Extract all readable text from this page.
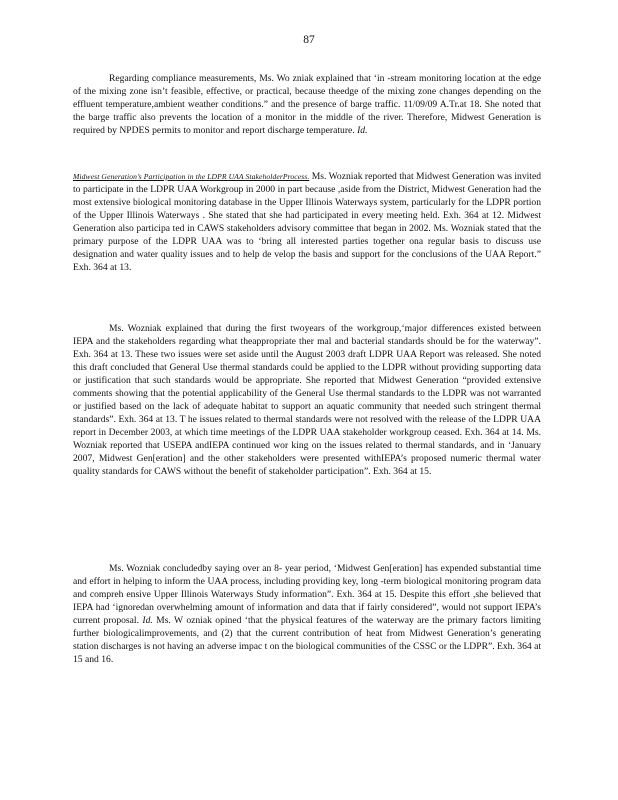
87

Regarding compliance measurements, Ms. Wo zniak explained that ‘in -stream monitoring location at the edge of the mixing zone isn’t feasible, effective, or practical, because theedge of the mixing zone changes depending on the effluent temperature,ambient weather conditions.” and the presence of barge traffic. 11/09/09 A.Tr.at 18. She noted that the barge traffic also prevents the location of a monitor in the middle of the river. Therefore, Midwest Generation is required by NPDES permits to monitor and report discharge temperature. Id.

Midwest Generation’s Participation in the LDPR UAA StakeholderProcess. Ms. Wozniak reported that Midwest Generation was invited to participate in the LDPR UAA Workgroup in 2000 in part because ,aside from the District, Midwest Generation had the most extensive biological monitoring database in the Upper Illinois Waterways system, particularly for the LDPR portion of the Upper Illinois Waterways . She stated that she had participated in every meeting held. Exh. 364 at 12. Midwest Generation also participa ted in CAWS stakeholders advisory committee that began in 2002. Ms. Wozniak stated that the primary purpose of the LDPR UAA was to ‘bring all interested parties together ona regular basis to discuss use designation and water quality issues and to help de velop the basis and support for the conclusions of the UAA Report.” Exh. 364 at 13.

Ms. Wozniak explained that during the first twoyears of the workgroup,‘major differences existed between IEPA and the stakeholders regarding what theappropriate ther mal and bacterial standards should be for the waterway”. Exh. 364 at 13. These two issues were set aside until the August 2003 draft LDPR UAA Report was released. She noted this draft concluded that General Use thermal standards could be applied to the LDPR without providing supporting data or justification that such standards would be appropriate. She reported that Midwest Generation “provided extensive comments showing that the potential applicability of the General Use thermal standards to the LDPR was not warranted or justified based on the lack of adequate habitat to support an aquatic community that needed such stringent thermal standards”. Exh. 364 at 13. T he issues related to thermal standards were not resolved with the release of the LDPR UAA report in December 2003, at which time meetings of the LDPR UAA stakeholder workgroup ceased. Exh. 364 at 14. Ms. Wozniak reported that USEPA andIEPA continued wor king on the issues related to thermal standards, and in ‘January 2007, Midwest Gen[eration] and the other stakeholders were presented withIEPA’s proposed numeric thermal water quality standards for CAWS without the benefit of stakeholder participation”. Exh. 364 at 15.

Ms. Wozniak concludedby saying over an 8- year period, ‘Midwest Gen[eration] has expended substantial time and effort in helping to inform the UAA process, including providing key, long -term biological monitoring program data and compreh ensive Upper Illinois Waterways Study information”. Exh. 364 at 15. Despite this effort ,she believed that IEPA had ‘ignoredan overwhelming amount of information and data that if fairly considered”, would not support IEPA’s current proposal. Id. Ms. W ozniak opined ‘that the physical features of the waterway are the primary factors limiting further biologicalimprovements, and (2) that the current contribution of heat from Midwest Generation’s generating station discharges is not having an adverse impac t on the biological communities of the CSSC or the LDPR”. Exh. 364 at 15 and 16.
